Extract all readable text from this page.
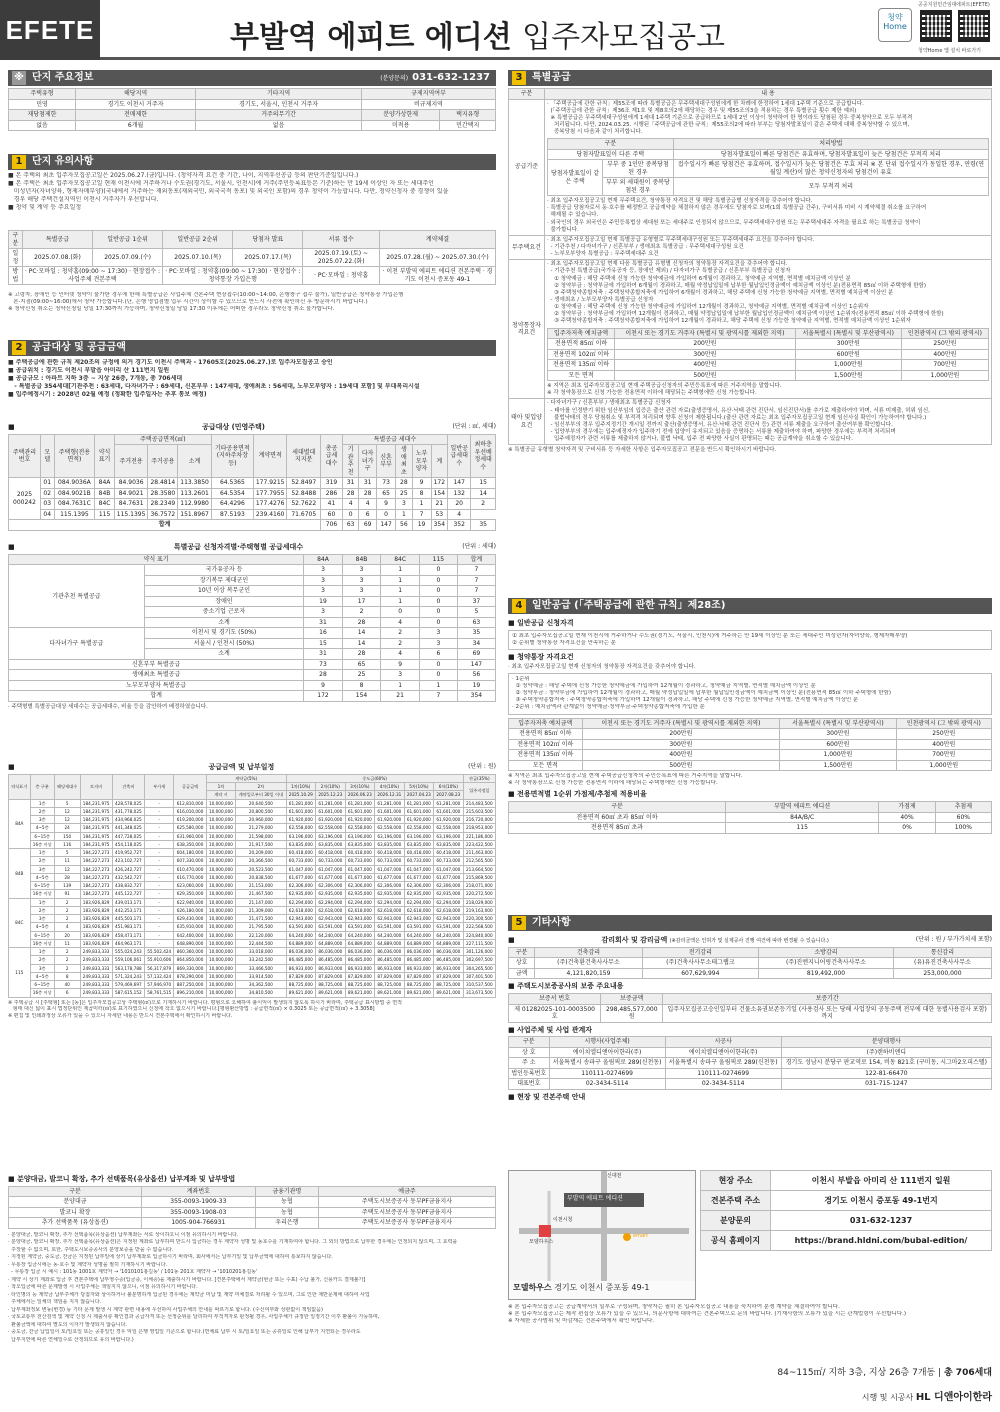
EFETE	부발역 에피트 에디션 입주자모집공고
청약 Home
공공지원민간임대 에피트(EFETE)
청약Home 앱 설치 바로가기
※ 단지 주요정보	(분양문의) 031-632-1237
주택유형	해당지역	기타지역	규제지역여부	
민영	경기도 이천시 거주자	경기도, 서울시, 인천시 거주자	비규제지역	
재당첨제한	전매제한	거주의무기간	분양가상한제	택지유형
없음	6개월	없음	미적용	민간택지
1 단지 유의사항
■ 본 주택의 최초 입주자모집공고일은 2025.06.27.(금)입니다. (청약자격 요건 중 기간, 나이, 지역우선공급 등의 판단기준일입니다.)
■ 본 주택은 최초 입주자모집공고일 현재 이천시에 거주하거나 수도권(경기도, 서울시, 인천시)에 거주(주민등록표등본 기준)하는 만 19세 이상인 자 또는 세대주인
미성년자(자녀양육, 형제자매부양)(국내에서 거주하는 재외동포(재외국민, 외국국적 동포) 및 외국인 포함)의 경우 청약이 가능합니다. 다만, 청약신청자 중 경쟁이 있을
경우 해당 주택건설지역인 이천시 거주자가 우선합니다.
■ 청약 및 계약 등 주요일정
구분	특별공급	일반공급 1순위	일반공급 2순위	당첨자 발표	서류 접수	계약체결
일정	2025.07.08.(화)	2025.07.09.(수)	2025.07.10.(목)	2025.07.17.(목)	2025.07.19.(토) ~ 2025.07.22.(화)	2025.07.28.(월) ~ 2025.07.30.(수)
방법	· PC·모바일 : 청약홈(09:00 ~ 17:30) · 현장접수 : 사업주체 견본주택		· PC·모바일 : 청약홈(09:00 ~ 17:30) · 현장접수 : 청약통장 가입은행		· PC·모바일 : 청약홈	· 이천 부발역 에피트 에디션 견본주택 · 경기도 이천시 증포동 49-1
※ 고령자, 장애인 등 인터넷 청약이 불가한 경우에 한해 특별공급은 사업주체 견본주택 현장접수(10:00~14:00, 은행창구 접수 불가), 일반공급은 청약통장 가입은행
본·지점(09:00~16:00)에서 청약 가능합니다.(단, 은행 영업점별 업무 시간이 상이할 수 있으므로 반드시 사전에 확인하신 후 방문하시기 바랍니다.)
※ 청약신청 취소는 청약신청일 당일 17:30까지 가능하며, 청약신청일 당일 17:30 이후에는 어떠한 경우라도 청약신청 취소 불가합니다.
2 공급대상 및 공급금액
■ 주택공급에 관한 규칙 제20조의 규정에 의거 경기도 이천시 주택과 - 17605호(2025.06.27.)로 입주자모집공고 승인
■ 공급위치 : 경기도 이천시 부발읍 아미리 산 111번지 일원
■ 공급규모 : 아파트 지하 3층 ~ 지상 26층, 7개동, 총 706세대
- 특별공급 354세대[기관추천 : 63세대, 다자녀가구 : 69세대, 신혼부부 : 147세대, 생애최초 : 56세대, 노부모부양자 : 19세대 포함] 및 부대복리시설
■ 입주예정시기 : 2028년 02월 예정 (정확한 입주일자는 추후 통보 예정)
■ 공급대상 (민영주택)	(단위 : ㎡, 세대)
주택관리번호	모델	주택형(전용면적)	약식표기	주택공급면적(㎡)			기타공용면적(지하주차장 등)	계약면적	세대별대지지분	총공급세대수	특별공급 세대수						일반공급세대수	최하층우선배정세대수
				주거전용	주거공용	소계					기관추천	다자녀가구	신혼부부	생애최초	노부모부양자	계		
2025 000242	01	084.9036A	84A	84.9036	28.4814	113.3850	64.5365	177.9215	52.8497	319	31	31	73	28	9	172	147	15
	02	084.9021B	84B	84.9021	28.3580	113.2601	64.5354	177.7955	52.8488	286	28	28	65	25	8	154	132	14
	03	084.7631C	84C	84.7631	28.2349	112.9980	64.4296	177.4276	52.7622	41	4	4	9	3	1	21	20	2
	04	115.1395	115	115.1395	36.7572	151.8967	87.5193	239.4160	71.6705	60	0	6	0	1	7	53	4	
합계										706	63	69	147	56	19	354	352	35
■ 특별공급 신청자격별·주택형별 공급세대수	(단위 : 세대)
약식 표기		84A	84B	84C	115	합계
기관추천 특별공급	국가유공자 등	3	3	1	0	7
	장기복무 제대군인	3	3	1	0	7
	10년 이상 복무군인	3	3	1	0	7
	장애인	19	17	1	0	37
	중소기업 근로자	3	2	0	0	5
	소계	31	28	4	0	63
다자녀가구 특별공급	이천시 및 경기도 (50%)	16	14	2	3	35
	서울시 / 인천시 (50%)	15	14	2	3	34
	소계	31	28	4	6	69
신혼부부 특별공급		73	65	9	0	147
생애최초 특별공급		28	25	3	0	56
노부모부양자 특별공급		9	8	1	1	19
합계		172	154	21	7	354
· 주택형별 특별공급대상 세대수는 공급세대수, 비율 등을 감안하여 배정하였습니다.
■ 공급금액 및 납부일정	(단위 : 원)
약식표기	층 구분	해당세대수	토지비	건축비	부가세	공급금액	계약금(5%)		중도금(60%)						잔금(35%)
							1차	2차	1차(10%)	2차(10%)	3차(10%)	4차(10%)	5차(10%)	6차(10%)	입주지정일
							계약 시	계약일로부터 30일 이내	2025.10.29	2025.12.23	2026.06.23	2026.12.31	2027.04.23	2027.08.23	
84A	1층	5	184,231,975	428,578,025	-	612,810,000	10,000,000	20,640,500	61,281,000	61,281,000	61,281,000	61,281,000	61,281,000	61,281,000	214,483,500
	2층	12	184,231,975	431,778,025	-	616,010,000	10,000,000	20,800,500	61,601,000	61,601,000	61,601,000	61,601,000	61,601,000	61,601,000	215,603,500
	3층	12	184,231,975	434,968,025	-	619,200,000	10,000,000	20,960,000	61,920,000	61,920,000	61,920,000	61,920,000	61,920,000	61,920,000	216,720,000
	4~5층	24	184,231,975	441,348,025	-	625,580,000	10,000,000	21,279,000	62,558,000	62,558,000	62,558,000	62,558,000	62,558,000	62,558,000	218,953,000
	6~15층	150	184,231,975	447,728,025	-	631,960,000	10,000,000	21,598,000	63,196,000	63,196,000	63,196,000	63,196,000	63,196,000	63,196,000	221,186,000
	16층 이상	116	184,231,975	454,118,025	-	638,350,000	10,000,000	21,917,500	63,835,000	63,835,000	63,835,000	63,835,000	63,835,000	63,835,000	223,422,500
84B	1층	5	184,227,273	419,952,727	-	604,180,000	10,000,000	20,209,000	60,418,000	60,418,000	60,418,000	60,418,000	60,418,000	60,418,000	211,463,000
	2층	11	184,227,273	423,102,727	-	607,330,000	10,000,000	20,366,500	60,733,000	60,733,000	60,733,000	60,733,000	60,733,000	60,733,000	212,565,500
	3층	12	184,227,273	426,242,727	-	610,470,000	10,000,000	20,523,500	61,047,000	61,047,000	61,047,000	61,047,000	61,047,000	61,047,000	213,664,500
	4~5층	28	184,227,273	432,542,727	-	616,770,000	10,000,000	20,838,500	61,677,000	61,677,000	61,677,000	61,677,000	61,677,000	61,677,000	215,869,500
	6~15층	139	184,227,273	438,832,727	-	623,060,000	10,000,000	21,153,000	62,306,000	62,306,000	62,306,000	62,306,000	62,306,000	62,306,000	218,071,000
	16층 이상	91	184,227,273	445,122,727	-	629,350,000	10,000,000	21,467,500	62,935,000	62,935,000	62,935,000	62,935,000	62,935,000	62,935,000	220,272,500
84C	1층	2	183,926,829	439,013,171	-	622,940,000	10,000,000	21,147,000	62,294,000	62,294,000	62,294,000	62,294,000	62,294,000	62,294,000	218,029,000
	2층	2	183,926,829	442,253,171	-	626,180,000	10,000,000	21,309,000	62,618,000	62,618,000	62,618,000	62,618,000	62,618,000	62,618,000	219,163,000
	3층	2	183,926,829	445,503,171	-	629,430,000	10,000,000	21,471,500	62,943,000	62,943,000	62,943,000	62,943,000	62,943,000	62,943,000	220,300,500
	4~5층	4	183,926,829	451,983,171	-	635,910,000	10,000,000	21,795,500	63,591,000	63,591,000	63,591,000	63,591,000	63,591,000	63,591,000	222,568,500
	6~15층	20	183,926,829	458,473,171	-	642,400,000	10,000,000	22,120,000	64,240,000	64,240,000	64,240,000	64,240,000	64,240,000	64,240,000	224,840,000
	16층 이상	11	183,926,829	464,963,171	-	648,890,000	10,000,000	22,444,500	64,889,000	64,889,000	64,889,000	64,889,000	64,889,000	64,889,000	227,111,500
115	1층	2	249,833,333	555,024,243	55,502,424	860,360,000	10,000,000	33,018,000	86,036,000	86,036,000	86,036,000	86,036,000	86,036,000	86,036,000	301,126,000
	2층	2	249,833,333	559,106,061	55,910,606	864,850,000	10,000,000	33,242,500	86,485,000	86,485,000	86,485,000	86,485,000	86,485,000	86,485,000	302,697,500
	3층	2	249,833,333	563,178,788	56,317,879	869,330,000	10,000,000	33,466,500	86,933,000	86,933,000	86,933,000	86,933,000	86,933,000	86,933,000	304,265,500
	4~5층	8	249,833,333	571,324,243	57,132,424	878,290,000	10,000,000	33,914,500	87,829,000	87,829,000	87,829,000	87,829,000	87,829,000	87,829,000	307,401,500
	6~15층	40	249,833,333	579,469,697	57,946,970	887,250,000	10,000,000	34,362,500	88,725,000	88,725,000	88,725,000	88,725,000	88,725,000	88,725,000	310,537,500
	16층 이상	6	249,833,333	587,615,152	58,761,515	896,210,000	10,000,000	34,810,500	89,621,000	89,621,000	89,621,000	89,621,000	89,621,000	89,621,000	313,673,500
※ 주택공급 시 [주택형] 또는 [동]은 입주자모집공고상 주택형(㎡)으로 기재하시기 바랍니다. 평형으로 오해하여 불이익이 발생되지 않도록 하시기 바라며, 주택공급 표시방법 중 면적
형태 대신 넓이 표시 법정단위인 제곱미터(㎡)로 표기하였으니 신청에 착오 없으시기 바랍니다.[평형환산방법 : 공급면적(㎡) × 0.3025 또는 공급면적(㎡) ÷ 3.3058]
※ 편집 및 인쇄과정상 오류가 있을 수 있으니 자세한 내용은 반드시 견본주택에서 확인하시기 바랍니다.
■ 분양대금, 발코니 확장, 추가 선택품목(유상옵션) 납부계좌 및 납부방법
구분	계좌번호	금융기관명	예금주
분양대금	355-0093-1909-33	농협	주택도시보증공사 동부PF금융지사
발코니 확장	355-0093-1908-03	농협	주택도시보증공사 동부PF금융지사
추가 선택품목 (유상옵션)	1005-904-766931	우리은행	주택도시보증공사 동부PF금융지사
· 분양대금, 발코니 확장, 추가 선택품목(유상옵션) 납부계좌는 서로 상이하오니 이점 유의하시기 바랍니다.
· 분양대금, 발코니 확장, 추가 선택품목(유상옵션)은 지정된 계좌로 납부하며 반드시 입금하는 경우 계약자 성명 및 동호수를 기재하여야 합니다. 그 외의 방법으로 납부한 경우에는 인정되지 않으며, 그 효력을
주장할 수 없으며, 또한, 주택도시보증공사의 분양보증을 받을 수 없습니다.
· 지정된 계약금, 중도금, 잔금은 지정된 납부일에 상기 납부계좌로 입금하시기 바라며, 회사에서는 납부기일 및 납부금액에 대하여 통보하지 않습니다.
· 무통장 입금시에는 동·호수 및 계약자 성명을 필히 기재하시기 바랍니다.
- 무통장 입금 시 예시 : 101동 1001호 계약자 → '1010101홍길동' / 101동 201호 계약자 → '1010201홍길동'
· 계약 시 상기 계좌로 입금 후 견본주택에 납부영수증(입금증, 이체증)을 제출하시기 바랍니다. [견본주택에서 계약금(현금 또는 수표) 수납 불가, 신용카드 결제불가]
· 착오입금에 따른 문제발생 시 사업주체는 책임지지 않으니, 이점 유의하시기 바랍니다.
· 타인명의 등 계약금 납부주체가 당첨자와 상이하거나 불분명하게 입금된 경우에는 계약금 미납 및 계약 미체결로 처리될 수 있으며, 그로 인한 제반문제에 대하여 사업
주체에서는 일체의 책임을 지지 않습니다.
· 납부계좌정보 변동(변경) 등 기타 문제 발생 시 계약 관련 내용에 우선하여 사업주체의 안내를 따르기로 합니다. (수신여부와 상관없이 책임없음)
· 국토교통부 전산검색 및 계약 신청 시 제출서류 확인결과 공급자격 또는 선정순위를 달리하여 부적격자로 판정될 경우, 사업주체가 규정한 일정기간 이후 환불이 가능하며,
환불금액에 대하여 별도의 이자가 발생되지 않습니다.
· 중도금, 잔금 납입일이 토/일요일 또는 공휴일인 경우 익일 은행 영업일 기준으로 합니다.(연체료 납부 시 토/일요일 또는 공휴일로 인해 납부가 지연되는 경우라도
납부지연에 따른 연체일수로 산정되므로 유의 바랍니다.)
3 특별공급
구분	내 용
공급기준	
· 「주택공급에 관한 규칙」제55조에 따라 특별공급은 무주택세대구성원에게 한 차례에 한정하여 1세대 1주택 기준으로 공급합니다.
(「주택공급에 관한 규칙」제36조 제1호 및 제8호의2에 해당하는 경우 및 제55조의3을 적용하는 경우 특별공급 횟수 제한 예외)
※ 특별공급은 무주택세대구성원에게 1세대 1주택 기준으로 공급하므로 1세대 2인 이상이 청약하여 한 명이라도 당첨된 경우 중복청약으로 모두 부적격
처리됩니다. 다만, 2024.03.25. 시행된「주택공급에 관한 규칙」제55조의2에 따라 부부는 당첨자발표일이 같은 주택에 대해 중복청약할 수 있으며,
중복당첨 시 다음과 같이 처리합니다.
구분	처리방법
당첨자발표일이 다른 주택	당첨자발표일이 빠른 당첨건은 유효하며, 당첨자발표일이 늦은 당첨건은 부적격 처리
당첨자발표일이 같은 주택	부부 중 1인만 중복당첨된 경우	접수일시가 빠른 당첨건은 유효하며, 접수일시가 늦은 당첨건은 무효 처리 ※ 본 단위 접수일시가 동일한 경우, 연령(연월일 계산)이 많은 청약신청자의 당첨건이 유효
부부 외 세대원이 중복당첨된 경우	모두 부적격 처리
· 최초 입주자모집공고일 현재 무주택요건, 청약통장 자격요건 및 해당 특별공급별 신청자격을 갖추어야 합니다.
· 특별공급 당첨자로서 동·호수를 배정받고 공급계약을 체결하지 않은 경우에도 당첨자로 보며(1회 특별공급 간주), 구비서류 미비 시 계약체결 취소를 요구하여
해제될 수 있습니다.
· 외국인의 경우 외국인은 주민등록법상 세대원 또는 세대주로 인정되지 않으므로, 무주택세대구성원 또는 무주택세대주 자격을 필요로 하는 특별공급 청약이
불가합니다.

무주택요건	
· 최초 입주자모집공고일 현재 특별공급 유형별로 무주택세대구성원 또는 무주택세대주 요건을 갖추어야 합니다.
- 기관추천 / 다자녀가구 / 신혼부부 / 생애최초 특별공급 : 무주택세대구성원 요건
- 노부모부양자 특별공급 : 무주택세대주 요건

청약통장자격요건	
· 최초 입주자모집공고일 현재 다음 특별공급 유형별 신청자의 청약통장 자격요건을 갖추어야 합니다.
- 기관추천 특별공급(국가유공자 등, 장애인 제외) / 다자녀가구 특별공급 / 신혼부부 특별공급 신청자
① 청약예금 : 해당 주택에 신청 가능한 청약예금에 가입하여 6개월이 경과하고, 청약예금 지역별, 면적별 예치금액 이상인 분
② 청약부금 : 청약부금에 가입하여 6개월이 경과하고, 매월 약정납입일에 납부한 월납입인정금액이 예치금액 이상인 분(전용면적 85㎡ 이하 주택형에 한함)
③ 주택청약종합저축 : 주택청약종합저축에 가입하여 6개월이 경과하고, 해당 주택에 신청 가능한 청약예금 지역별, 면적별 예치금액 이상인 분
- 생애최초 / 노부모부양자 특별공급 신청자
① 청약예금 : 해당 주택에 신청 가능한 청약예금에 가입하여 12개월이 경과하고, 청약예금 지역별, 면적별 예치금액 이상인 1순위자
② 청약부금 : 청약부금에 가입하여 12개월이 경과하고, 매월 약정납입일에 납부한 월납입인정금액이 예치금액 이상인 1순위자(전용면적 85㎡ 이하 주택형에 한함)
③ 주택청약종합저축 : 주택청약종합저축에 가입하여 12개월이 경과하고, 해당 주택에 신청 가능한 청약예금 지역별, 면적별 예치금액 이상인 1순위자
입주자저축 예치금액	이천시 또는 경기도 거주자 (특별시 및 광역시를 제외한 지역)	서울특별시 (특별시 및 부산광역시)	인천광역시 (그 밖의 광역시)
전용면적 85㎡ 이하	200만원	300만원	250만원
전용면적 102㎡ 이하	300만원	600만원	400만원
전용면적 135㎡ 이하	400만원	1,000만원	700만원
모든 면적	500만원	1,500만원	1,000만원
※ 지역은 최초 입주자모집공고일 현재 주택공급신청자의 주민등록표에 따른 거주지역을 말합니다.
※ 각 청약통장으로 신청 가능한 전용면적 이하에 해당되는 주택형에만 신청 가능합니다.

태아 및입양 요건	
· 다자녀가구 / 신혼부부 / 생애최초 특별공급 신청자
- 태아를 인정받기 위한 임산부임의 입증은 출산 관련 자료(출생증명서, 유산·낙태 관련 진단서, 임신진단서)를 추가로 제출하여야 하며, 서류 미제출, 허위 임신,
불법낙태의 경우 당첨취소 및 부적격 처리되며 향후 신청이 제한됩니다.(출산 관련 자료는 최초 입주자모집공고일 현재 임신사실 확인이 가능하여야 합니다.)
- 임신부부의 경우 입주지정기간 개시일 전까지 출산(출생증명서, 유산·낙태 관련 진단서 등) 관련 서류 제출을 요구하여 출산여부를 확인합니다.
- 입양부부의 경우에는 입주예정자가 입주하기 전에 입양이 유지되고 있음을 증명하는 서류를 제출하여야 하며, 파양한 경우에는 부적격 처리되며
입주예정자가 관련 서류를 제출하지 않거나, 불법 낙태, 입주 전 파양한 사실이 판명되는 때는 공급계약을 취소할 수 있습니다.
※ 특별공급 유형별 청약자격 및 구비서류 등 자세한 사항은 입주자모집공고 전문을 반드시 확인하시기 바랍니다.
4 일반공급 (「주택공급에 관한 규칙」제28조)
■ 일반공급 신청자격
① 최초 입주자모집공고일 현재 이천시에 거주하거나 수도권(경기도, 서울시, 인천시)에 거주하는 만 19세 이상인 분 또는 세대주인 미성년자(자녀양육, 형제자매부양)
② 순위별 청약통장 자격요건을 만족하는 분
■ 청약통장 자격요건
· 최초 입주자모집공고일 현재 신청자의 청약통장 자격요건을 갖추어야 합니다.
· 1순위
① 청약예금 : 해당 주택에 신청 가능한 청약예금에 가입하여 12개월이 경과하고, 청약예금 지역별, 면적별 예치금액 이상인 분
② 청약부금 : 청약부금에 가입하여 12개월이 경과하고, 매월 약정납입일에 납부한 월납입인정금액이 예치금액 이상인 분(전용면적 85㎡ 이하 주택형에 한함)
③ 주택청약종합저축 : 주택청약종합저축에 가입하여 12개월이 경과하고, 해당 주택에 신청 가능한 청약예금 지역별, 면적별 예치금액 이상인 분
· 2순위 : 예치금액과 관계없이 청약예금·청약부금·주택청약종합저축에 가입한 분
입주자저축 예치금액	이천시 또는 경기도 거주자 (특별시 및 광역시를 제외한 지역)	서울특별시 (특별시 및 부산광역시)	인천광역시 (그 밖의 광역시)
전용면적 85㎡ 이하	200만원	300만원	250만원
전용면적 102㎡ 이하	300만원	600만원	400만원
전용면적 135㎡ 이하	400만원	1,000만원	700만원
모든 면적	500만원	1,500만원	1,000만원
※ 지역은 최초 입주자모집공고일 현재 주택공급신청자의 주민등록표에 따른 거주지역을 말합니다.
※ 각 청약통장으로 신청 가능한 전용면적 이하에 해당되는 주택형에만 신청 가능합니다.
■ 전용면적별 1순위 가점제/추첨제 적용비율
구분	부발역 에피트 에디션	가점제	추첨제
전용면적 60㎡ 초과 85㎡ 이하	84A/B/C	40%	60%
전용면적 85㎡ 초과	115	0%	100%
5 기타사항
■ 감리회사 및 감리금액 (※감리금액은 인허가 및 실제공사 진행 여건에 따라 변경될 수 있습니다.)	(단위 : 원 / 부가가치세 포함)
구분	건축감리	전기감리	소방감리	통신감리
상호	(주)건축환건축사사무소	(주)건축사사무소태그랩크	(주)진엔지니어링건축사사무소	(유)유진건축사사무소
금액	4,121,820,159	607,629,994	819,492,000	253,000,000
■ 주택도시보증공사의 보증 주요내용
보증서 번호	보증금액	보증기간
제 01282025-101-0003500 호	298,485,577,000원	입주자모집공고승인일부터 건물소유권보존등기일 (사용검사 또는 당해 사업장의 공동주택 전부에 대한 동별사용검사 포함)까지
■ 사업주체 및 사업 관계자
구분	시행사(사업주체)	시공사	분양대행사
상 호	에이치엘디앤아이한라(주)	에이치엘디앤아이한라(주)	(주)랜하비앤디
주 소	서울특별시 송파구 올림픽로 289(신천동)	서울특별시 송파구 올림픽로 289(신천동)	경기도 성남시 분당구 판교역로 154, 비동 821호 (구미동, 시그마2오피스텔)
법인등록번호	110111-0274699	110111-0274699	122-81-66470
대표번호	02-3434-5114	02-3434-5114	031-715-1247
■ 현장 및 견본주택 안내
신대천
부발역 에피트 에디션
이천시청
emart
모델하우스
모델하우스 경기도 이천시 증포동 49-1
현장 주소	이천시 부발읍 아미리 산 111번지 일원
견본주택 주소	경기도 이천시 증포동 49-1번지
분양문의	031-632-1237
공식 홈페이지	https://brand.hldni.com/bubal-edition/
※ 본 입주자모집공고는 공급계약서의 일부로 구성되며, 청약자는 필히 본 입주자모집공고 내용을 숙지하여 분쟁 계약을 체결하여야 합니다.
※ 본 입주자모집공고는 제작 편집상 오류가 있을 수 있으니, 의문사항에 대하여는 견본주택으로 문의 바랍니다. (기재사항의 오류가 있을 시는 관계법령이 우선합니다.)
※ 자세한 공사범위 및 마감재는 견본주택에서 확인 바랍니다.
84~115㎡/ 지하 3층, 지상 26층 7개동 | 총 706세대
시행 및 시공사 HL 디앤아이한라
